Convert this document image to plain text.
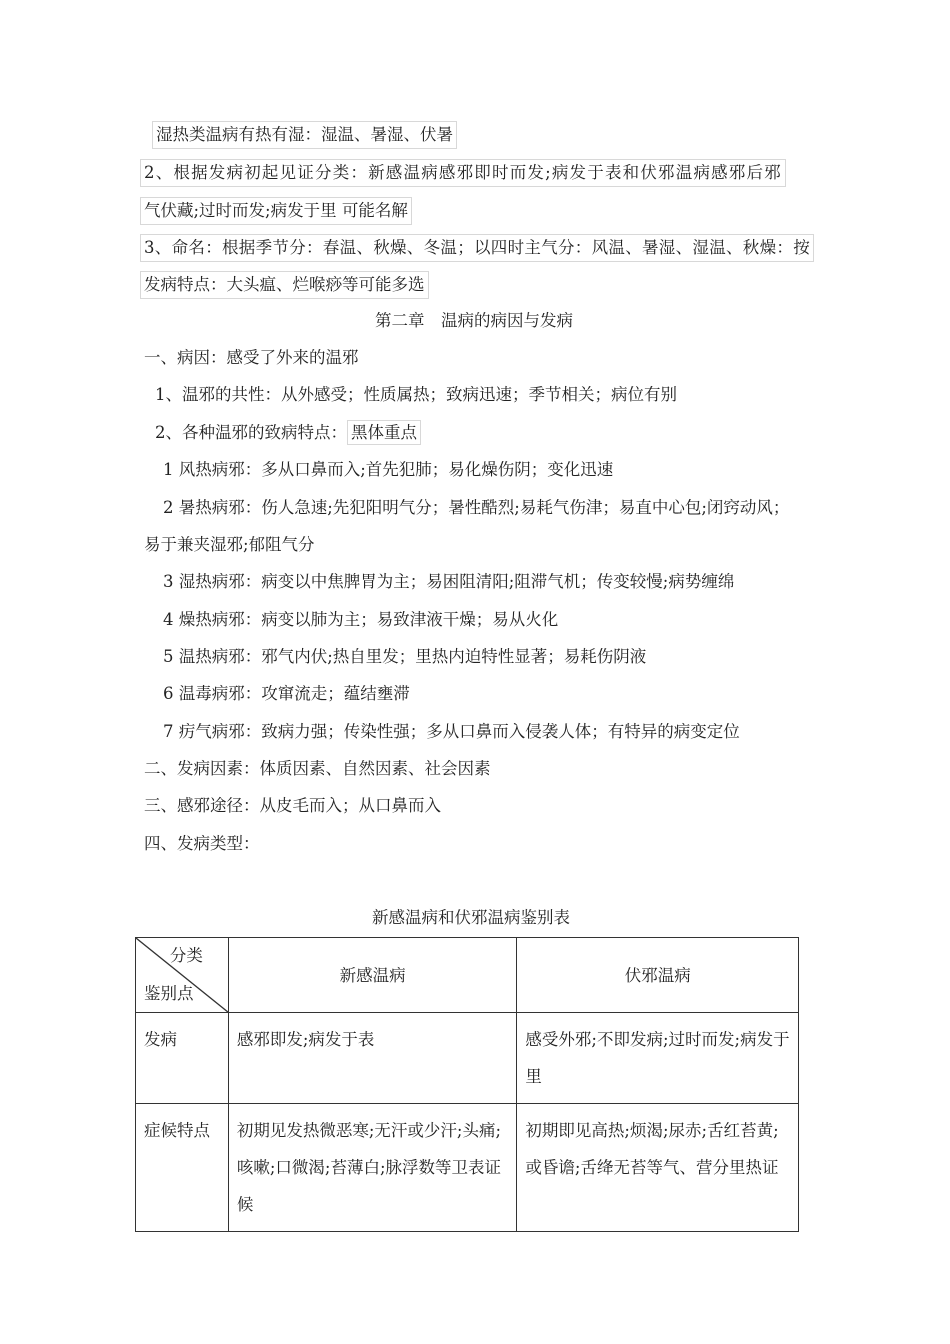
湿热类温病有热有湿：湿温、暑湿、伏暑
2、根据发病初起见证分类：新感温病感邪即时而发;病发于表和伏邪温病感邪后邪
气伏藏;过时而发;病发于里 可能名解
3、命名：根据季节分：春温、秋燥、冬温；以四时主气分：风温、暑湿、湿温、秋燥：按
发病特点：大头瘟、烂喉痧等可能多选
第二章　温病的病因与发病
一、病因：感受了外来的温邪
1、温邪的共性：从外感受；性质属热；致病迅速；季节相关；病位有别
2、各种温邪的致病特点： 黑体重点
1 风热病邪：多从口鼻而入;首先犯肺；易化燥伤阴；变化迅速
2 暑热病邪：伤人急速;先犯阳明气分；暑性酷烈;易耗气伤津；易直中心包;闭窍动风；
易于兼夹湿邪;郁阻气分
3 湿热病邪：病变以中焦脾胃为主；易困阻清阳;阻滞气机；传变较慢;病势缠绵
4 燥热病邪：病变以肺为主；易致津液干燥；易从火化
5 温热病邪：邪气内伏;热自里发；里热内迫特性显著；易耗伤阴液
6 温毒病邪：攻窜流走；蕴结壅滞
7 疠气病邪：致病力强；传染性强；多从口鼻而入侵袭人体；有特异的病变定位
二、发病因素：体质因素、自然因素、社会因素
三、感邪途径：从皮毛而入；从口鼻而入
四、发病类型：
新感温病和伏邪温病鉴别表
分类
鉴别点	新感温病	伏邪温病
发病	感邪即发;病发于表	感受外邪;不即发病;过时而发;病发于里
症候特点	初期见发热微恶寒;无汗或少汗;头痛;咳嗽;口微渴;苔薄白;脉浮数等卫表证候	初期即见高热;烦渴;尿赤;舌红苔黄;或昏谵;舌绛无苔等气、营分里热证
